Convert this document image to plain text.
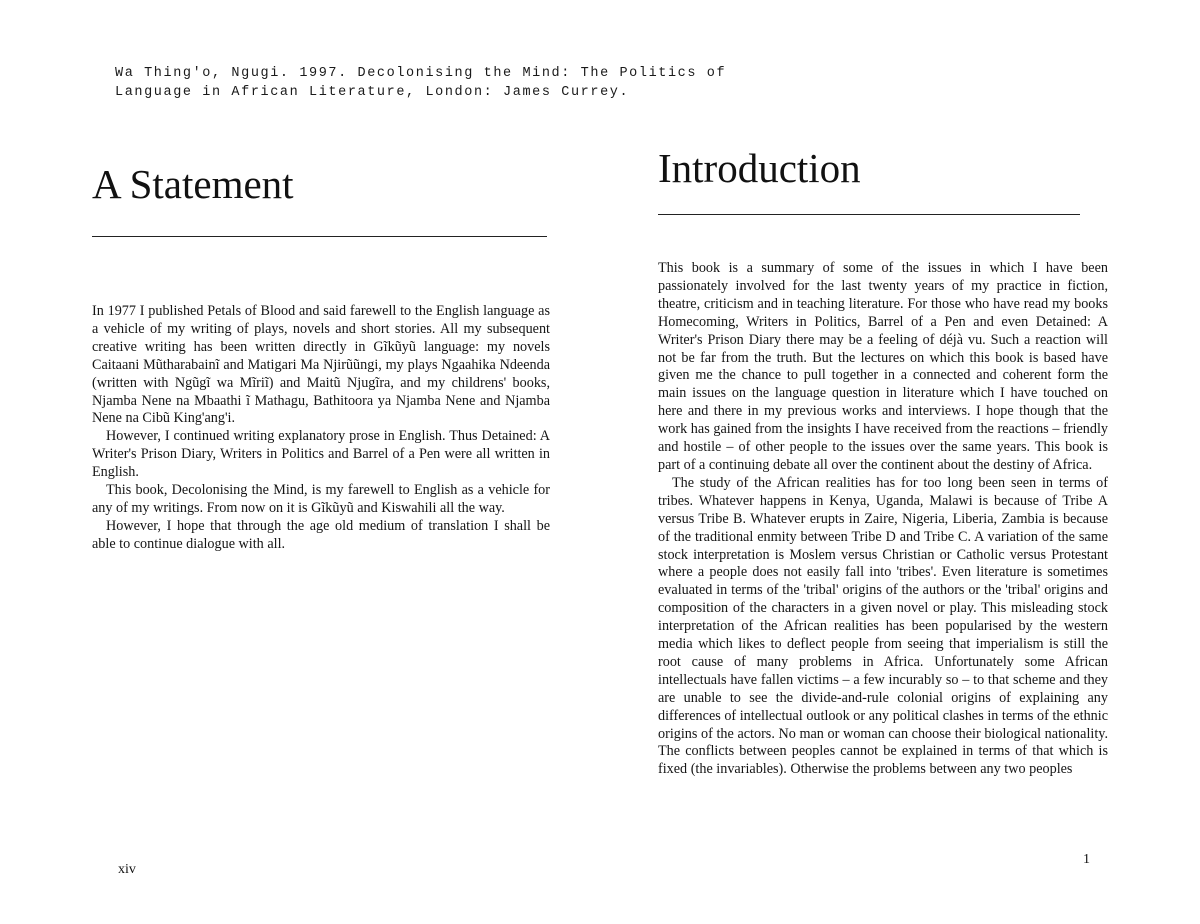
Wa Thing'o, Ngugi. 1997. Decolonising the Mind: The Politics of
Language in African Literature, London: James Currey.
A Statement

In 1977 I published Petals of Blood and said farewell to the English language as a vehicle of my writing of plays, novels and short stories. All my subsequent creative writing has been written directly in Gĩkũyũ language: my novels Caitaani Mũtharabainĩ and Matigari Ma Njirũũngi, my plays Ngaahika Ndeenda (written with Ngũgĩ wa Mĩriĩ) and Maitũ Njugĩra, and my childrens' books, Njamba Nene na Mbaathi ĩ Mathagu, Bathitoora ya Njamba Nene and Njamba Nene na Cibũ King'ang'i.

However, I continued writing explanatory prose in English. Thus Detained: A Writer's Prison Diary, Writers in Politics and Barrel of a Pen were all written in English.

This book, Decolonising the Mind, is my farewell to English as a vehicle for any of my writings. From now on it is Gĩkũyũ and Kiswahili all the way.

However, I hope that through the age old medium of translation I shall be able to continue dialogue with all.

Introduction

This book is a summary of some of the issues in which I have been passionately involved for the last twenty years of my practice in fiction, theatre, criticism and in teaching literature. For those who have read my books Homecoming, Writers in Politics, Barrel of a Pen and even Detained: A Writer's Prison Diary there may be a feeling of déjà vu. Such a reaction will not be far from the truth. But the lectures on which this book is based have given me the chance to pull together in a connected and coherent form the main issues on the language question in literature which I have touched on here and there in my previous works and interviews. I hope though that the work has gained from the insights I have received from the reactions – friendly and hostile – of other people to the issues over the same years. This book is part of a continuing debate all over the continent about the destiny of Africa.

The study of the African realities has for too long been seen in terms of tribes. Whatever happens in Kenya, Uganda, Malawi is because of Tribe A versus Tribe B. Whatever erupts in Zaire, Nigeria, Liberia, Zambia is because of the traditional enmity between Tribe D and Tribe C. A variation of the same stock interpretation is Moslem versus Christian or Catholic versus Protestant where a people does not easily fall into 'tribes'. Even literature is sometimes evaluated in terms of the 'tribal' origins of the authors or the 'tribal' origins and composition of the characters in a given novel or play. This misleading stock interpretation of the African realities has been popularised by the western media which likes to deflect people from seeing that imperialism is still the root cause of many problems in Africa. Unfortunately some African intellectuals have fallen victims – a few incurably so – to that scheme and they are unable to see the divide-and-rule colonial origins of explaining any differences of intellectual outlook or any political clashes in terms of the ethnic origins of the actors. No man or woman can choose their biological nationality. The conflicts between peoples cannot be explained in terms of that which is fixed (the invariables). Otherwise the problems between any two peoples

xiv
1
